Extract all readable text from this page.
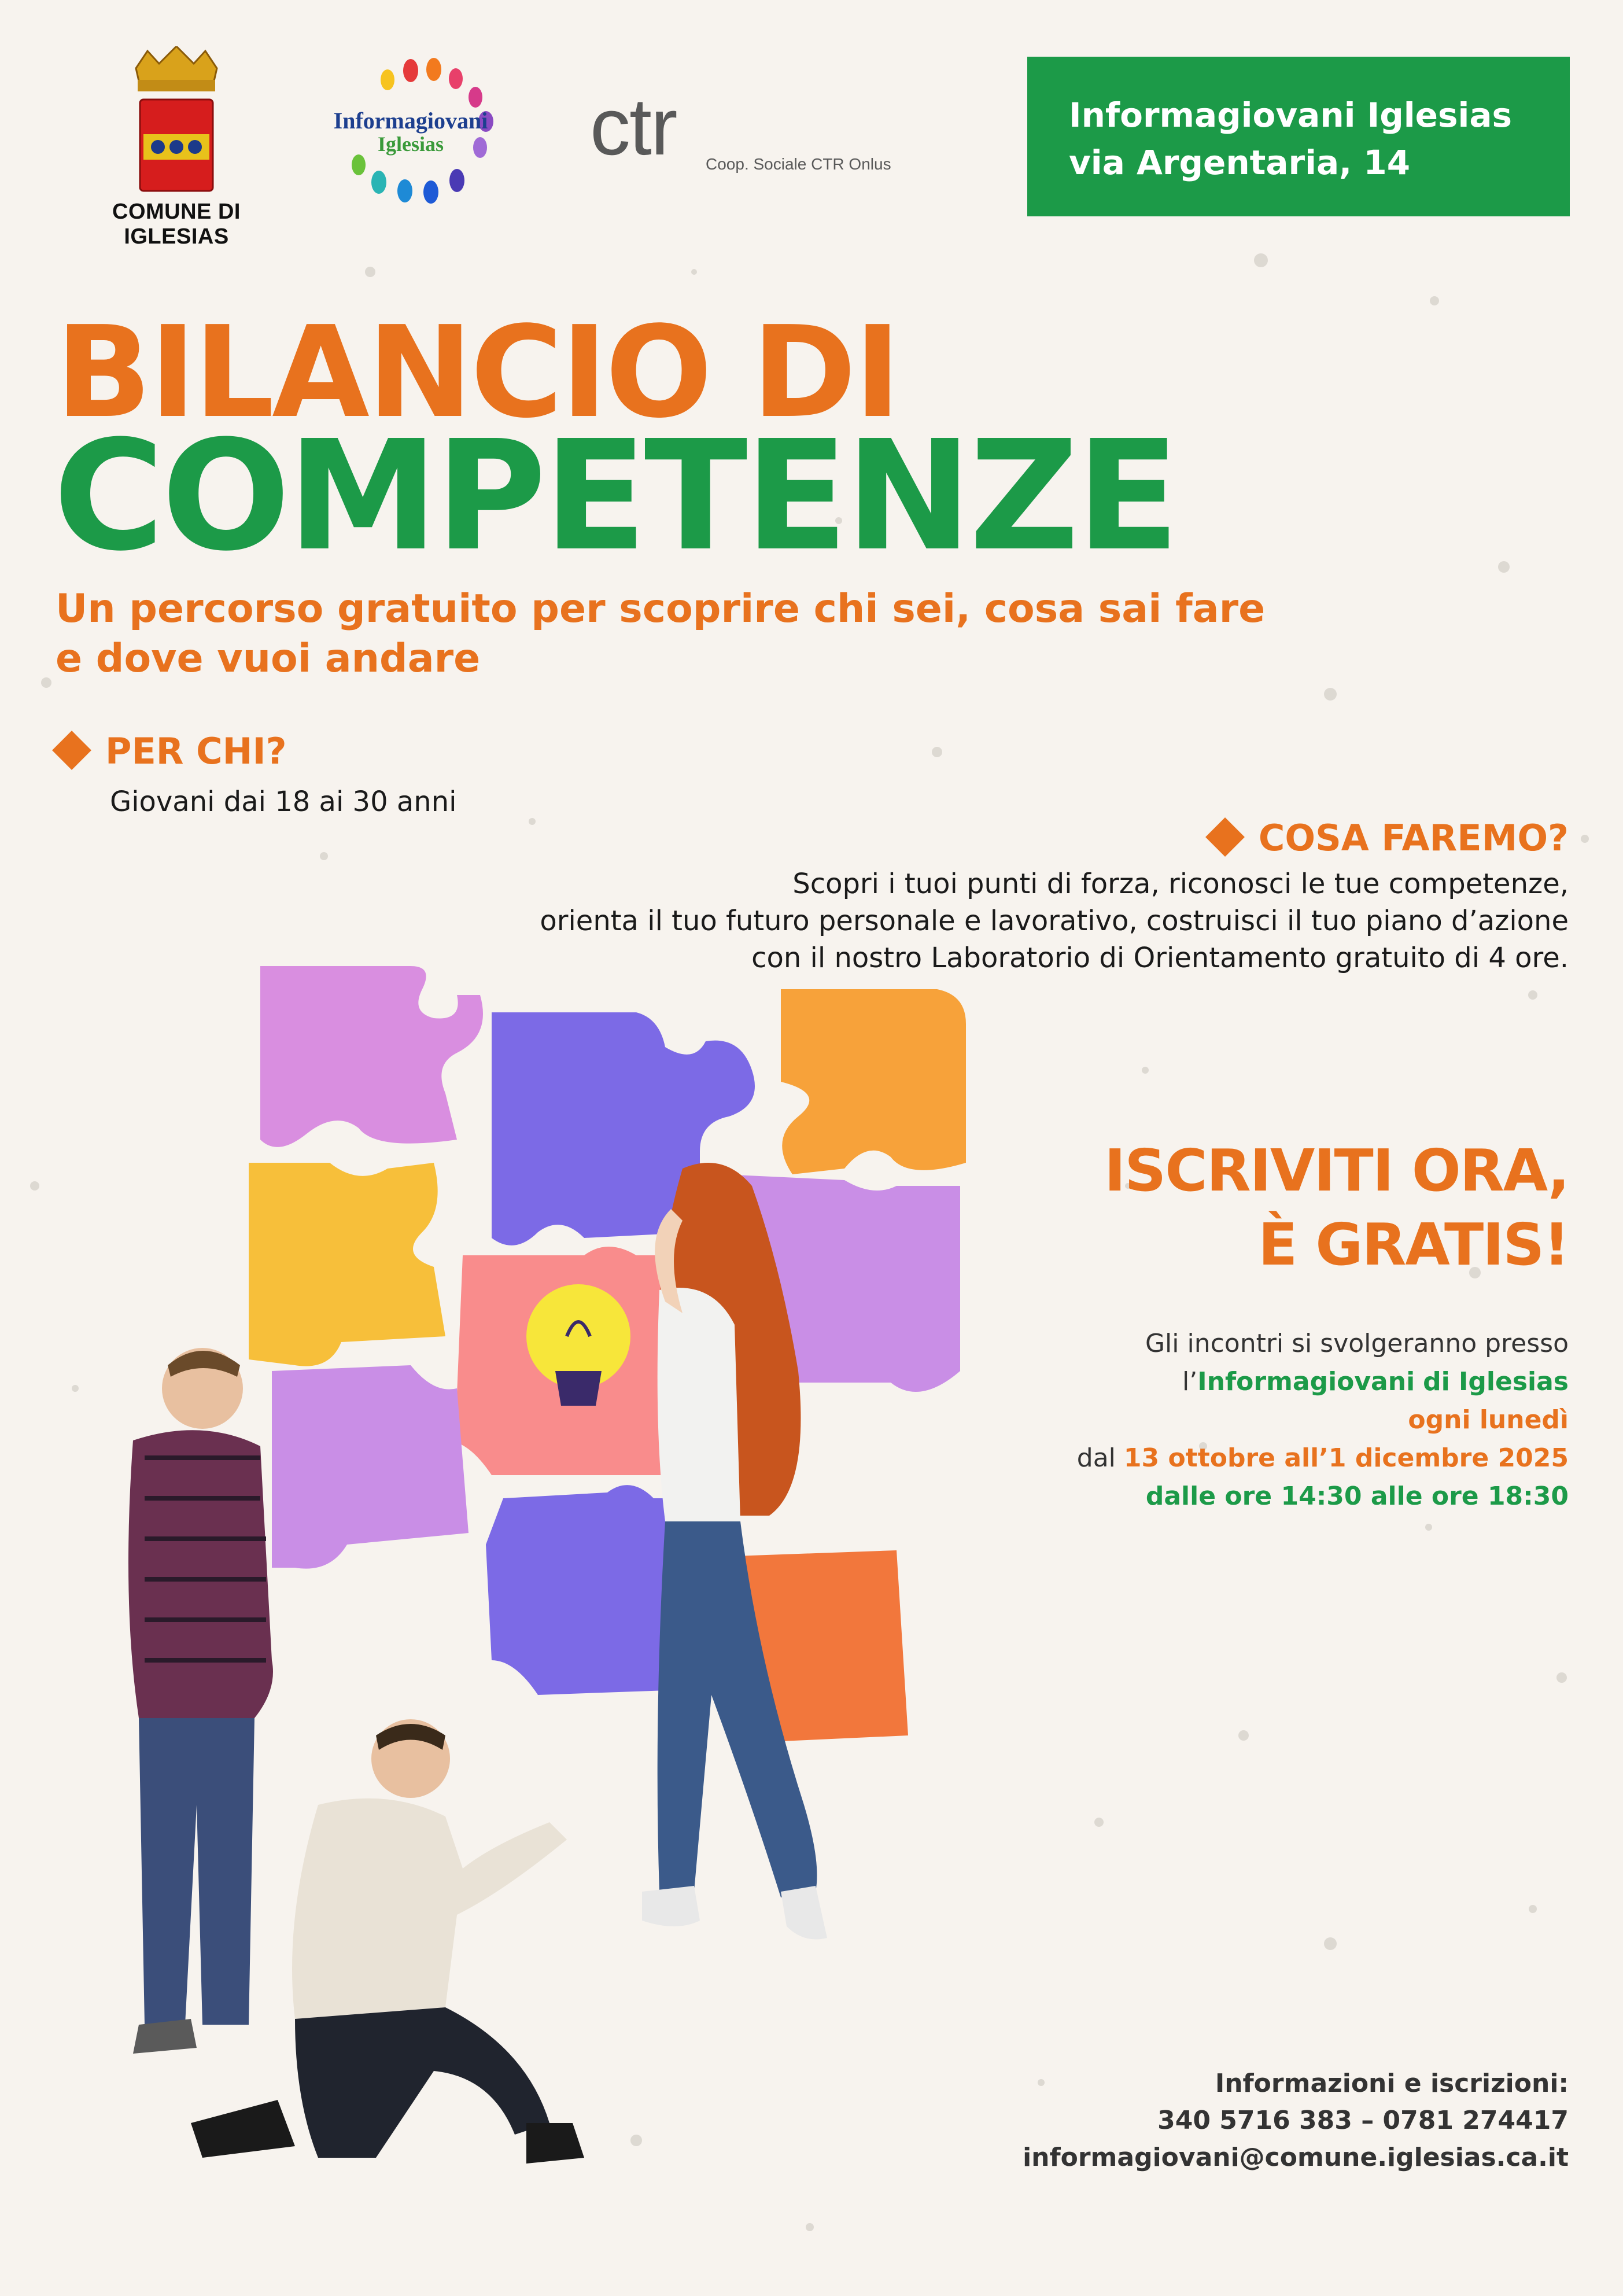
COMUNE DI IGLESIAS
Informagiovani
Iglesias	ctr Coop. Sociale CTR Onlus
Informagiovani Iglesias
via Argentaria, 14
BILANCIO DI
COMPETENZE
Un percorso gratuito per scoprire chi sei, cosa sai fare
e dove vuoi andare
PER CHI?
Giovani dai 18 ai 30 anni
COSA FAREMO?
Scopri i tuoi punti di forza, riconosci le tue competenze,
orienta il tuo futuro personale e lavorativo, costruisci il tuo piano d’azione
con il nostro Laboratorio di Orientamento gratuito di 4 ore.
ISCRIVITI ORA,
È GRATIS!
Gli incontri si svolgeranno presso
l’Informagiovani di Iglesias
ogni lunedì
dal 13 ottobre all’1 dicembre 2025
dalle ore 14:30 alle ore 18:30
Informazioni e iscrizioni:
340 5716 383 – 0781 274417
informagiovani@comune.iglesias.ca.it
